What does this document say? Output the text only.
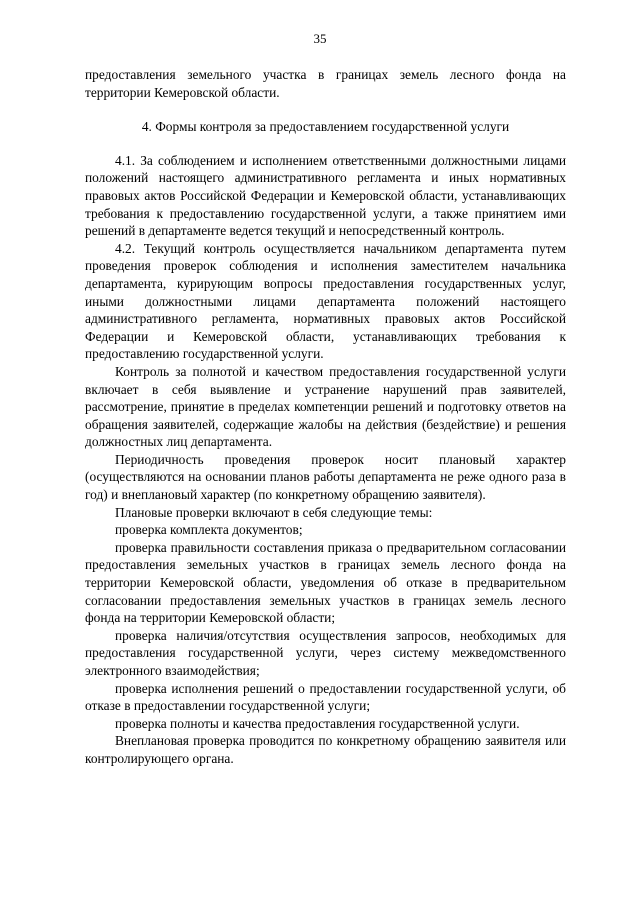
35

предоставления земельного участка в границах земель лесного фонда на территории Кемеровской области.

4. Формы контроля за предоставлением государственной услуги

4.1. За соблюдением и исполнением ответственными должностными лицами положений настоящего административного регламента и иных нормативных правовых актов Российской Федерации и Кемеровской области, устанавливающих требования к предоставлению государственной услуги, а также принятием ими решений в департаменте ведется текущий и непосредственный контроль.

4.2. Текущий контроль осуществляется начальником департамента путем проведения проверок соблюдения и исполнения заместителем начальника департамента, курирующим вопросы предоставления государственных услуг, иными должностными лицами департамента положений настоящего административного регламента, нормативных правовых актов Российской Федерации и Кемеровской области, устанавливающих требования к предоставлению государственной услуги.

Контроль за полнотой и качеством предоставления государственной услуги включает в себя выявление и устранение нарушений прав заявителей, рассмотрение, принятие в пределах компетенции решений и подготовку ответов на обращения заявителей, содержащие жалобы на действия (бездействие) и решения должностных лиц департамента.

Периодичность проведения проверок носит плановый характер (осуществляются на основании планов работы департамента не реже одного раза в год) и внеплановый характер (по конкретному обращению заявителя).

Плановые проверки включают в себя следующие темы:

проверка комплекта документов;

проверка правильности составления приказа о предварительном согласовании предоставления земельных участков в границах земель лесного фонда на территории Кемеровской области, уведомления об отказе в предварительном согласовании предоставления земельных участков в границах земель лесного фонда на территории Кемеровской области;

проверка наличия/отсутствия осуществления запросов, необходимых для предоставления государственной услуги, через систему межведомственного электронного взаимодействия;

проверка исполнения решений о предоставлении государственной услуги, об отказе в предоставлении государственной услуги;

проверка полноты и качества предоставления государственной услуги.

Внеплановая проверка проводится по конкретному обращению заявителя или контролирующего органа.
